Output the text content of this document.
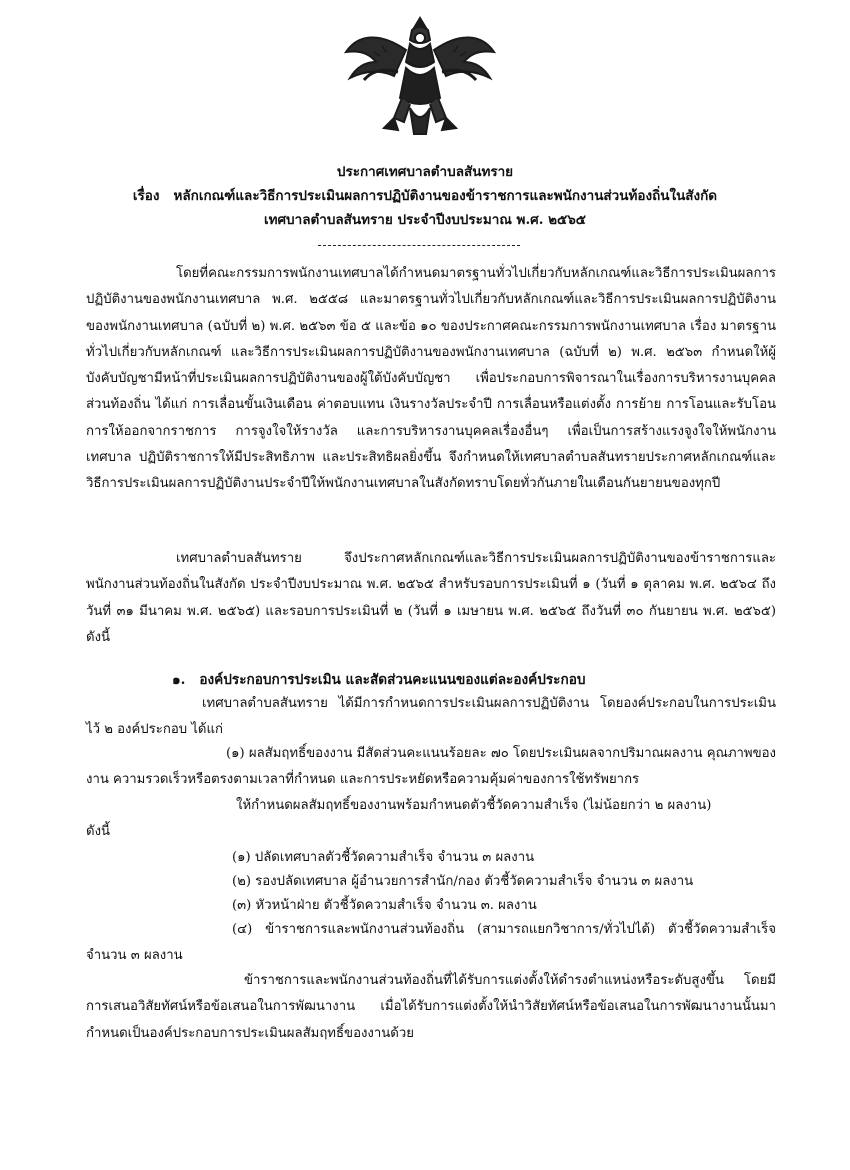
ประกาศเทศบาลตำบลสันทราย
เรื่อง หลักเกณฑ์และวิธีการประเมินผลการปฏิบัติงานของข้าราชการและพนักงานส่วนท้องถิ่นในสังกัด
เทศบาลตำบลสันทราย ประจำปีงบประมาณ พ.ศ. ๒๕๖๕
โดยที่คณะกรรมการพนักงานเทศบาลได้กำหนดมาตรฐานทั่วไปเกี่ยวกับหลักเกณฑ์และวิธีการประเมินผลการปฏิบัติงานของพนักงานเทศบาล พ.ศ. ๒๕๕๘ และมาตรฐานทั่วไปเกี่ยวกับหลักเกณฑ์และวิธีการประเมินผลการปฏิบัติงานของพนักงานเทศบาล (ฉบับที่ ๒) พ.ศ. ๒๕๖๓ ข้อ ๕ และข้อ ๑๐ ของประกาศคณะกรรมการพนักงานเทศบาล เรื่อง มาตรฐานทั่วไปเกี่ยวกับหลักเกณฑ์ และวิธีการประเมินผลการปฏิบัติงานของพนักงานเทศบาล (ฉบับที่ ๒) พ.ศ. ๒๕๖๓ กำหนดให้ผู้บังคับบัญชามีหน้าที่ประเมินผลการปฏิบัติงานของผู้ใต้บังคับบัญชา เพื่อประกอบการพิจารณาในเรื่องการบริหารงานบุคคลส่วนท้องถิ่น ได้แก่ การเลื่อนขั้นเงินเดือน ค่าตอบแทน เงินรางวัลประจำปี การเลื่อนหรือแต่งตั้ง การย้าย การโอนและรับโอน การให้ออกจากราชการ การจูงใจให้รางวัล และการบริหารงานบุคคลเรื่องอื่นๆ เพื่อเป็นการสร้างแรงจูงใจให้พนักงานเทศบาล ปฏิบัติราชการให้มีประสิทธิภาพ และประสิทธิผลยิ่งขึ้น จึงกำหนดให้เทศบาลตำบลสันทรายประกาศหลักเกณฑ์และวิธีการประเมินผลการปฏิบัติงานประจำปีให้พนักงานเทศบาลในสังกัดทราบโดยทั่วกันภายในเดือนกันยายนของทุกปี
เทศบาลตำบลสันทราย จึงประกาศหลักเกณฑ์และวิธีการประเมินผลการปฏิบัติงานของข้าราชการและพนักงานส่วนท้องถิ่นในสังกัด ประจำปีงบประมาณ พ.ศ. ๒๕๖๕ สำหรับรอบการประเมินที่ ๑ (วันที่ ๑ ตุลาคม พ.ศ. ๒๕๖๔ ถึงวันที่ ๓๑ มีนาคม พ.ศ. ๒๕๖๕) และรอบการประเมินที่ ๒ (วันที่ ๑ เมษายน พ.ศ. ๒๕๖๕ ถึงวันที่ ๓๐ กันยายน พ.ศ. ๒๕๖๕) ดังนี้
๑. องค์ประกอบการประเมิน และสัดส่วนคะแนนของแต่ละองค์ประกอบ
เทศบาลตำบลสันทราย ได้มีการกำหนดการประเมินผลการปฏิบัติงาน โดยองค์ประกอบในการประเมินไว้ ๒ องค์ประกอบ ได้แก่
(๑) ผลสัมฤทธิ์ของงาน มีสัดส่วนคะแนนร้อยละ ๗๐ โดยประเมินผลจากปริมาณผลงาน คุณภาพของงาน ความรวดเร็วหรือตรงตามเวลาที่กำหนด และการประหยัดหรือความคุ้มค่าของการใช้ทรัพยากร
ให้กำหนดผลสัมฤทธิ์ของงานพร้อมกำหนดตัวชี้วัดความสำเร็จ (ไม่น้อยกว่า ๒ ผลงาน)
ดังนี้
(๑) ปลัดเทศบาลตัวชี้วัดความสำเร็จ จำนวน ๓ ผลงาน
(๒) รองปลัดเทศบาล ผู้อำนวยการสำนัก/กอง ตัวชี้วัดความสำเร็จ จำนวน ๓ ผลงาน
(๓) หัวหน้าฝ่าย ตัวชี้วัดความสำเร็จ จำนวน ๓. ผลงาน
(๔) ข้าราชการและพนักงานส่วนท้องถิ่น (สามารถแยกวิชาการ/ทั่วไปได้) ตัวชี้วัดความสำเร็จ จำนวน ๓ ผลงาน
ข้าราชการและพนักงานส่วนท้องถิ่นที่ได้รับการแต่งตั้งให้ดำรงตำแหน่งหรือระดับสูงขึ้น โดยมีการเสนอวิสัยทัศน์หรือข้อเสนอในการพัฒนางาน เมื่อได้รับการแต่งตั้งให้นำวิสัยทัศน์หรือข้อเสนอในการพัฒนางานนั้นมากำหนดเป็นองค์ประกอบการประเมินผลสัมฤทธิ์ของงานด้วย
